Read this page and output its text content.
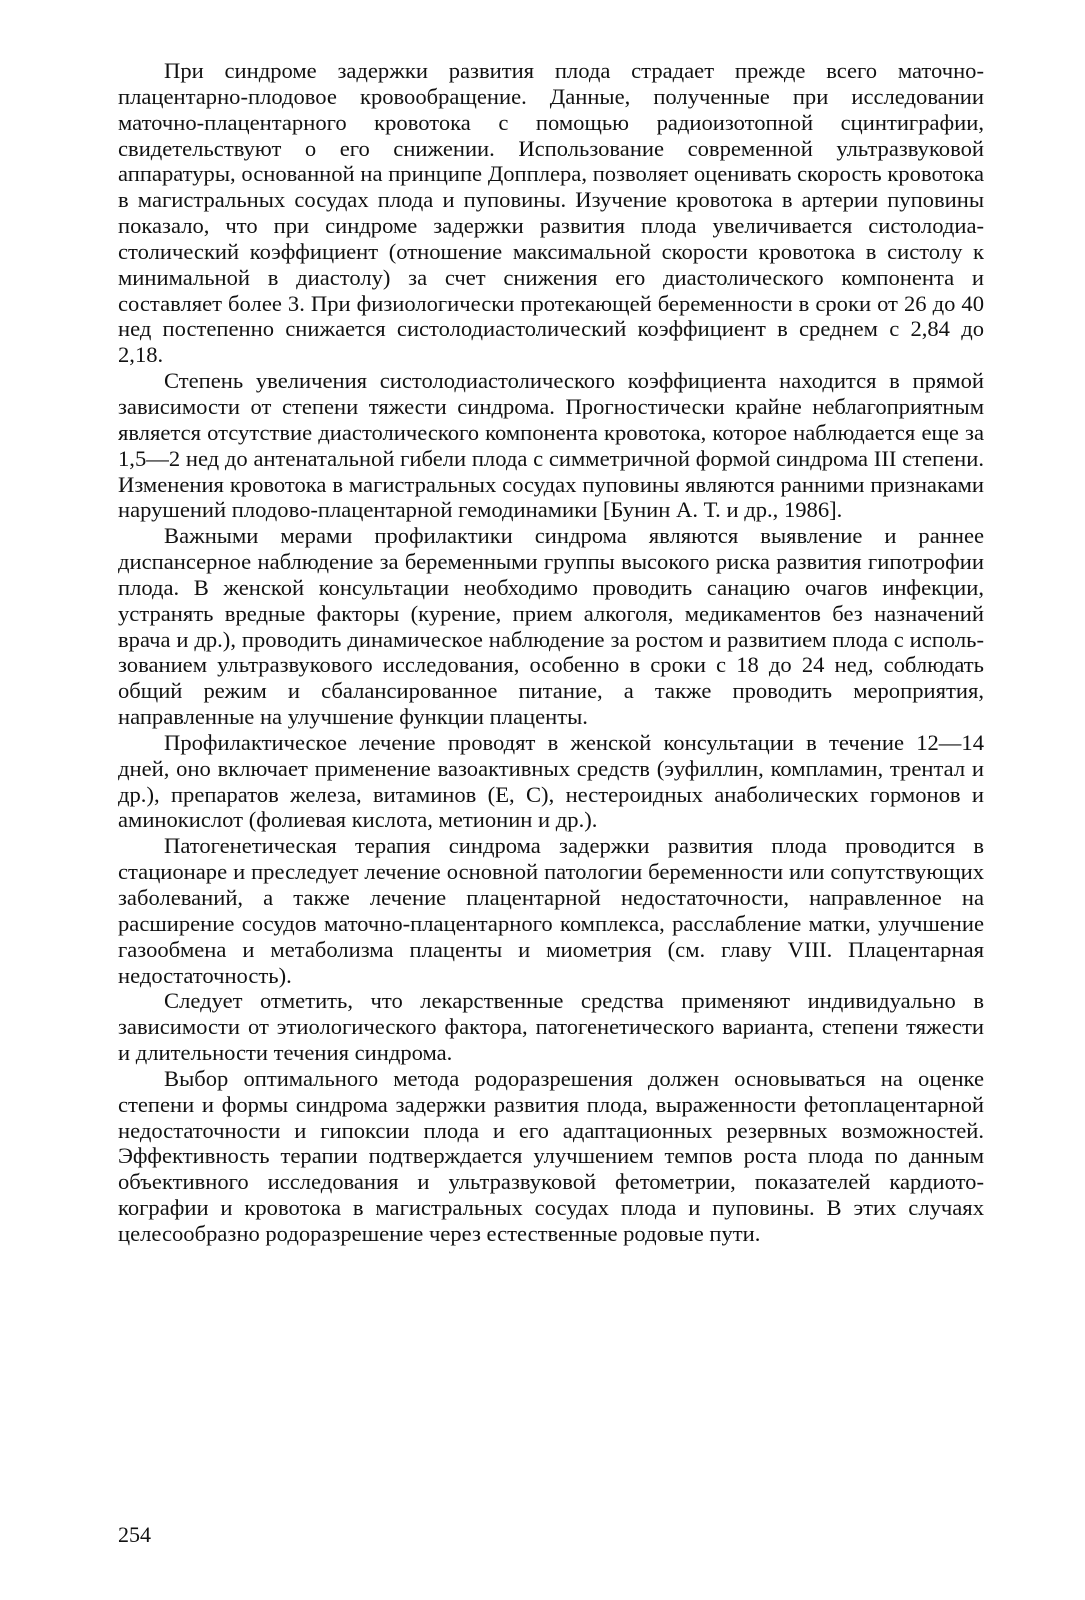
При синдроме задержки развития плода страдает прежде всего маточно-плацентарно-плодовое кровообращение. Данные, полученные при исследовании маточно-плацентарного кровотока с помощью радиоизотопной сцинтиграфии, свидетельствуют о его снижении. Использование современной ультразвуковой аппаратуры, основанной на принципе Допплера, позволяет оценивать скорость кровотока в магистральных сосудах плода и пуповины. Изучение кровотока в артерии пуповины показало, что при синдроме задержки развития плода увеличивается систолодиастолический коэффициент (отношение максимальной скорости кровотока в систолу к минимальной в диастолу) за счет снижения его диастолического компонента и составляет более 3. При физиологически протекающей беременности в сроки от 26 до 40 нед постепенно снижается систолодиастолический коэффициент в среднем с 2,84 до 2,18.

Степень увеличения систолодиастолического коэффициента находится в прямой зависимости от степени тяжести синдрома. Прогностически крайне неблагоприятным является отсутствие диастолического компонента кровотока, которое наблюдается еще за 1,5—2 нед до антенатальной гибели плода с симметричной формой синдрома III степени. Изменения кровотока в магистральных сосудах пуповины являются ранними признаками нарушений плодово-плацентарной гемодинамики [Бунин А. Т. и др., 1986].

Важными мерами профилактики синдрома являются выявление и раннее диспансерное наблюдение за беременными группы высокого риска развития гипотрофии плода. В женской консультации необходимо проводить санацию очагов инфекции, устранять вредные факторы (курение, прием алкоголя, медикаментов без назначений врача и др.), проводить динамическое наблюдение за ростом и развитием плода с использованием ультразвукового исследования, особенно в сроки с 18 до 24 нед, соблюдать общий режим и сбалансированное питание, а также проводить мероприятия, направленные на улучшение функции плаценты.

Профилактическое лечение проводят в женской консультации в течение 12—14 дней, оно включает применение вазоактивных средств (эуфиллин, компламин, трентал и др.), препаратов железа, витаминов (Е, С), нестероидных анаболических гормонов и аминокислот (фолиевая кислота, метионин и др.).

Патогенетическая терапия синдрома задержки развития плода проводится в стационаре и преследует лечение основной патологии беременности или сопутствующих заболеваний, а также лечение плацентарной недостаточности, направленное на расширение сосудов маточно-плацентарного комплекса, расслабление матки, улучшение газообмена и метаболизма плаценты и миометрия (см. главу VIII. Плацентарная недостаточность).

Следует отметить, что лекарственные средства применяют индивидуально в зависимости от этиологического фактора, патогенетического варианта, степени тяжести и длительности течения синдрома.

Выбор оптимального метода родоразрешения должен основываться на оценке степени и формы синдрома задержки развития плода, выраженности фетоплацентарной недостаточности и гипоксии плода и его адаптационных резервных возможностей. Эффективность терапии подтверждается улучшением темпов роста плода по данным объективного исследования и ультразвуковой фетометрии, показателей кардиотокографии и кровотока в магистральных сосудах плода и пуповины. В этих случаях целесообразно родоразрешение через естественные родовые пути.

254
